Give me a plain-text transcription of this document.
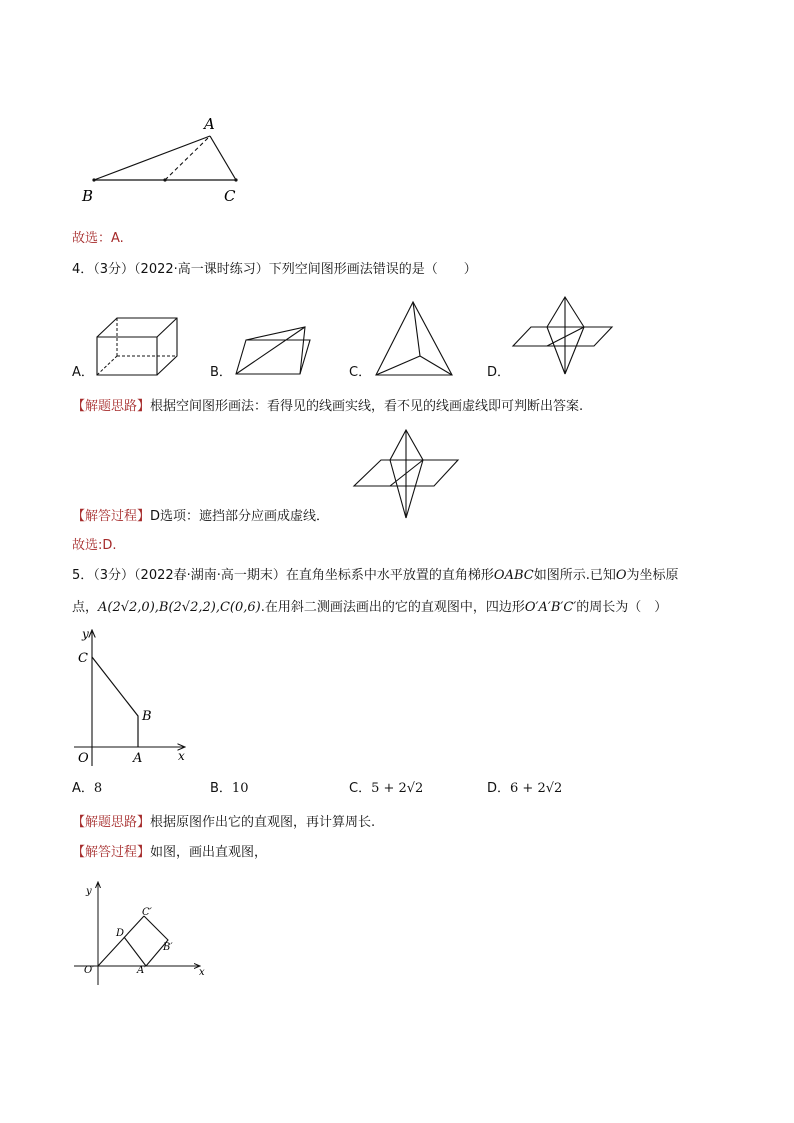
A
B	C
故选：A.
4．（3分）（2022·高一课时练习）下列空间图形画法错误的是（　　）
A．	B．	C．	D．
【解题思路】根据空间图形画法：看得见的线画实线，看不见的线画虚线即可判断出答案.
【解答过程】D选项：遮挡部分应画成虚线．
故选:D.
5．（3分）（2022春·湖南·高一期末）在直角坐标系中水平放置的直角梯形OABC如图所示.已知O为坐标原
点，A(2√2,0),B(2√2,2),C(0,6).在用斜二测画法画出的它的直观图中，四边形O′A′B′C′的周长为（　）
y
x
C
B
O	A
A．8	B．10	C．5 + 2√2	D．6 + 2√2
【解题思路】根据原图作出它的直观图，再计算周长.
【解答过程】如图，画出直观图，
y
x
C′
D
B′
O′	A′
